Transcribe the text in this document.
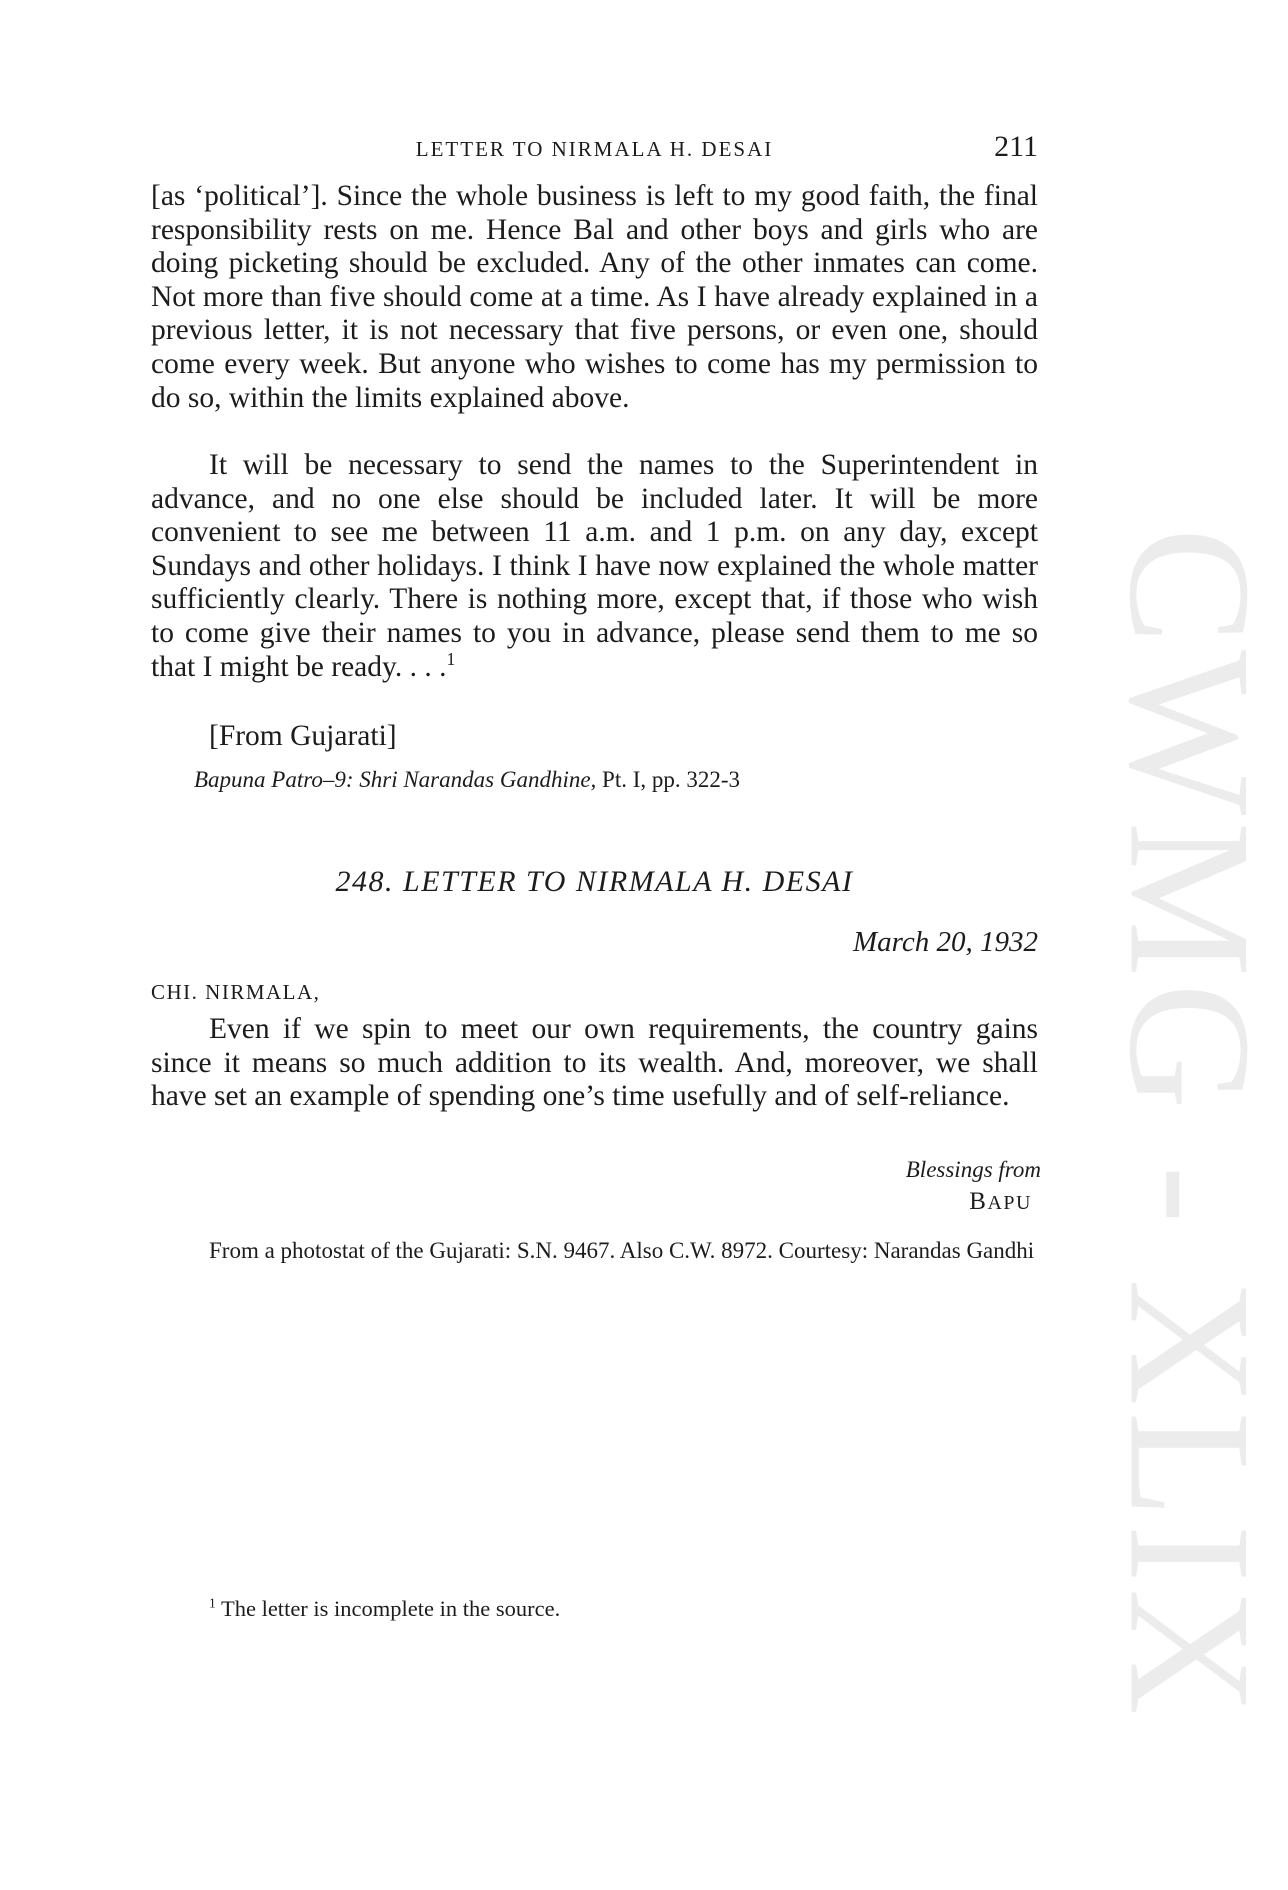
CWMG - XLIX
LETTER TO NIRMALA H. DESAI	211

[as ‘political’]. Since the whole business is left to my good faith, the final responsibility rests on me. Hence Bal and other boys and girls who are doing picketing should be excluded. Any of the other inmates can come. Not more than five should come at a time. As I have already explained in a previous letter, it is not necessary that five persons, or even one, should come every week. But anyone who wishes to come has my permission to do so, within the limits explained above.

It will be necessary to send the names to the Superintendent in advance, and no one else should be included later. It will be more convenient to see me between 11 a.m. and 1 p.m. on any day, except Sundays and other holidays. I think I have now explained the whole matter sufficiently clearly. There is nothing more, except that, if those who wish to come give their names to you in advance, please send them to me so that I might be ready. . . .$^1$

[From Gujarati]
Bapuna Patro–9: Shri Narandas Gandhine, Pt. I, pp. 322-3
248. LETTER TO NIRMALA H. DESAI
March 20, 1932
CHI. NIRMALA,

Even if we spin to meet our own requirements, the country gains since it means so much addition to its wealth. And, moreover, we shall have set an example of spending one’s time usefully and of self-reliance.

Blessings from
BAPU

From a photostat of the Gujarati: S.N. 9467. Also C.W. 8972. Courtesy: Narandas Gandhi

$^1$ The letter is incomplete in the source.
